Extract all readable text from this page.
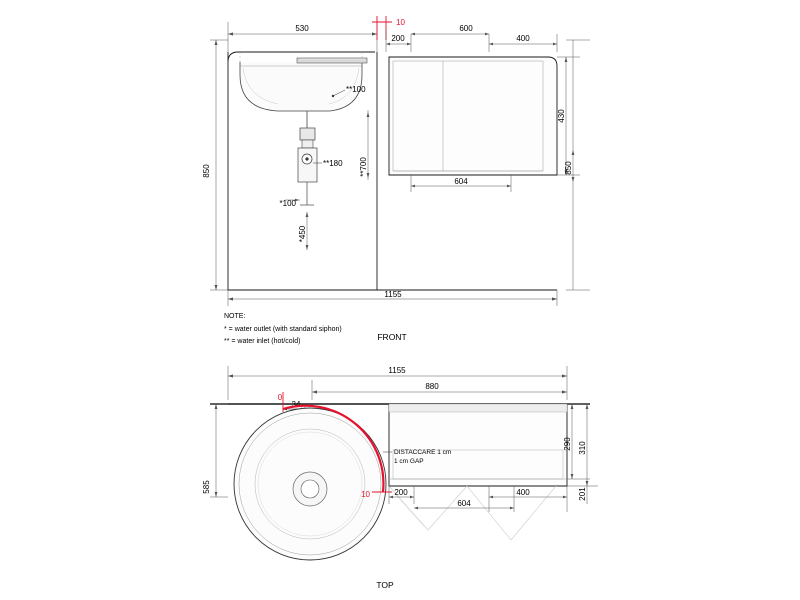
530
10
200
600
400
850
**100
**180 **700
*100
*450
604
430
850
1155
FRONT
NOTE:
* = water outlet (with standard siphon)
** = water inlet (hot/cold)
1155
880
0
34
10
DISTACCARE 1 cm
1 cm GAP
200	400
604
290 310
201
585
TOP
